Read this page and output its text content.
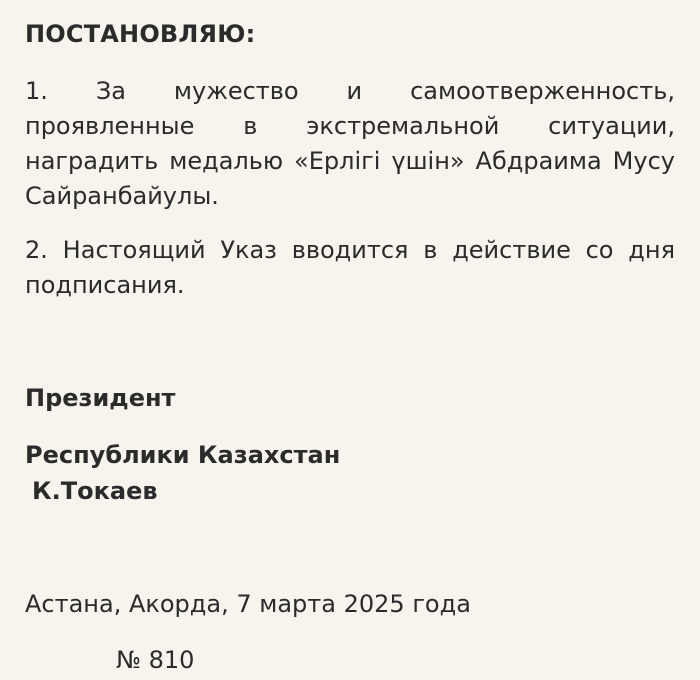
ПОСТАНОВЛЯЮ:

1. За мужество и самоотверженность, проявленные в экстремальной ситуации, наградить медалью «Ерлігі үшін» Абдраима Мусу Сайранбайулы.

2. Настоящий Указ вводится в действие со дня подписания.

Президент

Республики Казахстан

К.Токаев

Астана, Акорда, 7 марта 2025 года

№ 810
